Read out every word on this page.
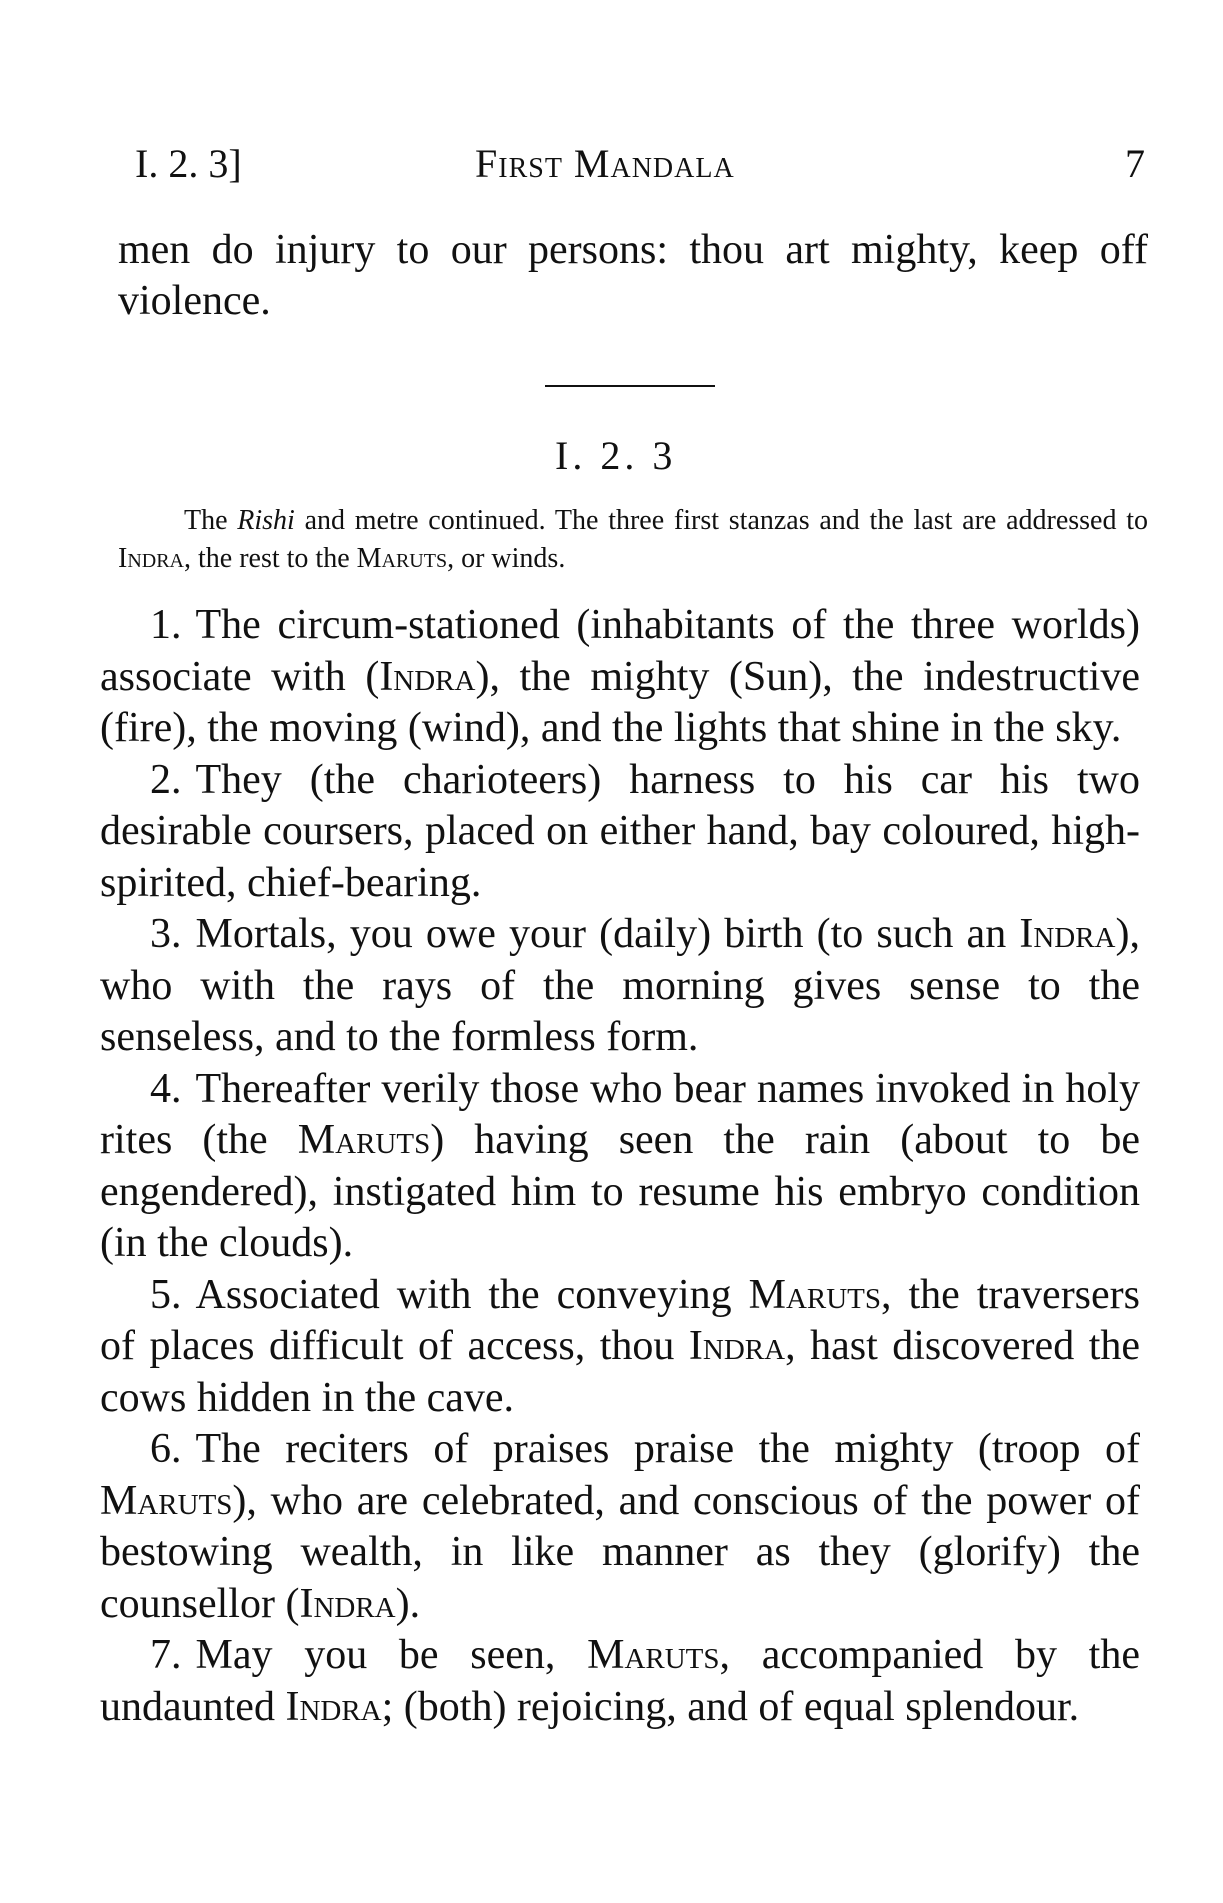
I. 2. 3]	First Mandala	7

men do injury to our persons: thou art mighty, keep off violence.

I. 2. 3

The Rishi and metre continued. The three first stanzas and the last are addressed to Indra, the rest to the Maruts, or winds.

1. The circum-stationed (inhabitants of the three worlds) associate with (Indra), the mighty (Sun), the indestructive (fire), the moving (wind), and the lights that shine in the sky.

2. They (the charioteers) harness to his car his two desirable coursers, placed on either hand, bay coloured, high-spirited, chief-bearing.

3. Mortals, you owe your (daily) birth (to such an Indra), who with the rays of the morning gives sense to the senseless, and to the formless form.

4. Thereafter verily those who bear names invoked in holy rites (the Maruts) having seen the rain (about to be engendered), instigated him to resume his embryo condition (in the clouds).

5. Associated with the conveying Maruts, the traversers of places difficult of access, thou Indra, hast discovered the cows hidden in the cave.

6. The reciters of praises praise the mighty (troop of Maruts), who are celebrated, and conscious of the power of bestowing wealth, in like manner as they (glorify) the counsellor (Indra).

7. May you be seen, Maruts, accompanied by the undaunted Indra; (both) rejoicing, and of equal splendour.
